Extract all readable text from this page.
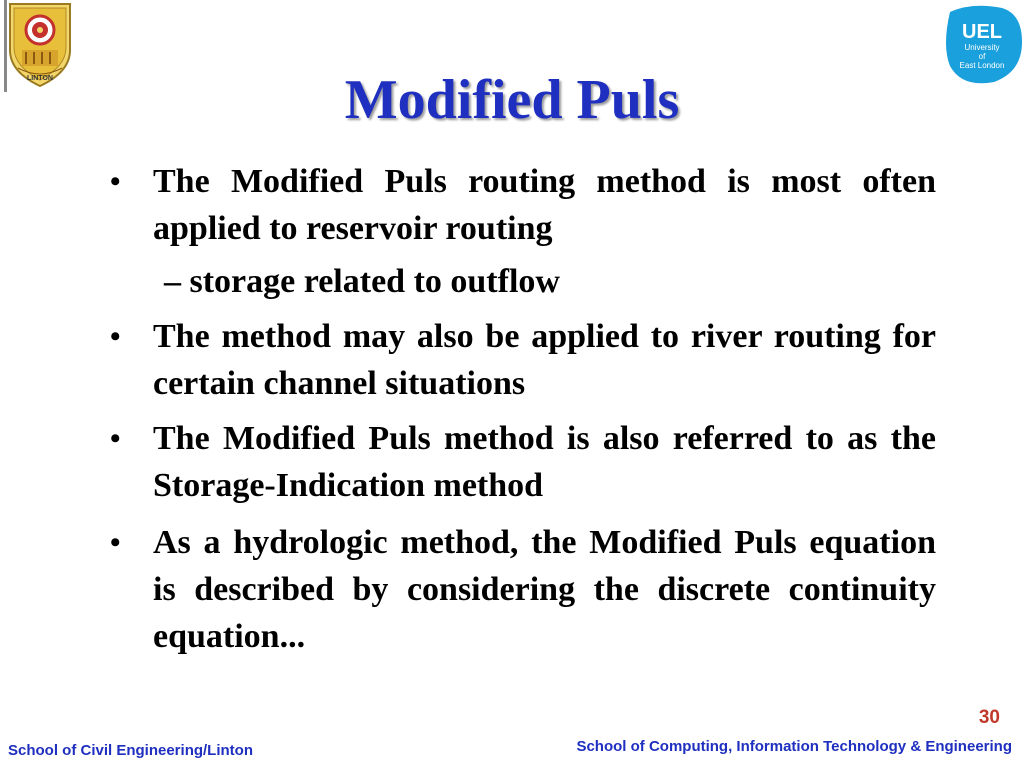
LINTON
UEL
University
of
East London
Modified Puls
• The Modified Puls routing method is most often applied to reservoir routing
– storage related to outflow
• The method may also be applied to river routing for certain channel situations
• The Modified Puls method is also referred to as the Storage-Indication method
• As a hydrologic method, the Modified Puls equation is described by considering the discrete continuity equation...
30
School of Civil Engineering/Linton	School of Computing, Information Technology & Engineering
